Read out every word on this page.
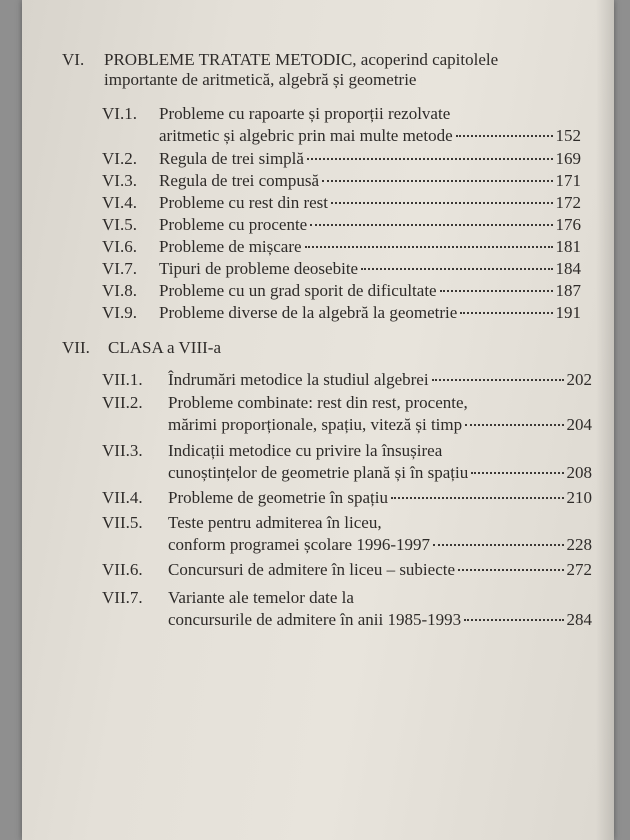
VI. PROBLEME TRATATE METODIC, acoperind capitolele
importante de aritmetică, algebră și geometrie
VI.1. Probleme cu rapoarte și proporții rezolvate
aritmetic și algebric prin mai multe metode	152
VI.2.	Regula de trei simplă	169
VI.3.	Regula de trei compusă	171
VI.4.	Probleme cu rest din rest	172
VI.5.	Probleme cu procente	176
VI.6.	Probleme de mișcare	181
VI.7.	Tipuri de probleme deosebite	184
VI.8.	Probleme cu un grad sporit de dificultate	187
VI.9.	Probleme diverse de la algebră la geometrie	191
VII. CLASA a VIII-a
VII.1.	Îndrumări metodice la studiul algebrei	202
VII.2. Probleme combinate: rest din rest, procente,
mărimi proporționale, spațiu, viteză și timp	204
VII.3. Indicații metodice cu privire la însușirea
cunoștințelor de geometrie plană și în spațiu	208
VII.4.	Probleme de geometrie în spațiu	210
VII.5. Teste pentru admiterea în liceu,
conform programei școlare 1996-1997	228
VII.6.	Concursuri de admitere în liceu – subiecte	272
VII.7. Variante ale temelor date la
concursurile de admitere în anii 1985-1993	284
